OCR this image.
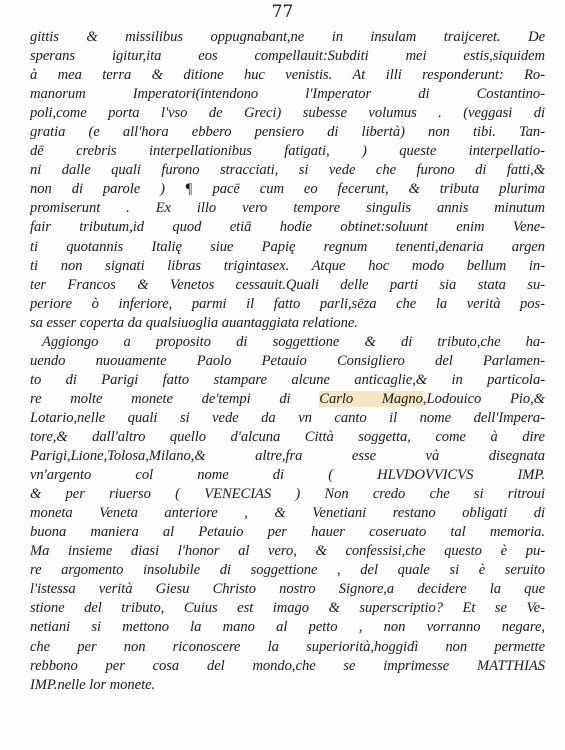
77
gittis & missilibus oppugnabant,ne in insulam traijceret. De
sperans igitur,ita eos compellauit:Subditi mei estis,siquidem
à mea terra & ditione huc venistis. At illi responderunt: Ro-
manorum Imperatori(intendono l'Imperator di Costantino-
poli,come porta l'vso de Greci) subesse volumus . (veggasi di
gratia (e all'hora ebbero pensiero di libertà) non tibi. Tan-
dē crebris interpellationibus fatigati, ) queste interpellatio-
ni dalle quali furono stracciati, si vede che furono di fatti,&
non di parole ) ¶ pacē cum eo fecerunt, & tributa plurima
promiserunt . Ex illo vero tempore singulis annis minutum
fair tributum,id quod etiā hodie obtinet:soluunt enim Vene-
ti quotannis Italię siue Papię regnum tenenti,denaria argen
ti non signati libras trigintasex. Atque hoc modo bellum in-
ter Francos & Venetos cessauit.Quali delle parti sia stata su-
periore ò inferiore, parmi il fatto parli,sēza che la verità pos-
sa esser coperta da qualsiuoglia auantaggiata relatione.
Aggiongo a proposito di soggettione & di tributo,che ha-
uendo nuouamente Paolo Petauio Consigliero del Parlamen-
to di Parigi fatto stampare alcune anticaglie,& in particola-
re molte monete de'tempi di Carlo Magno,Lodouico Pio,&
Lotario,nelle quali si vede da vn canto il nome dell'Impera-
tore,& dall'altro quello d'alcuna Città soggetta, come à dire
Parigi,Lione,Tolosa,Milano,& altre,fra esse và disegnata
vn'argento col nome di ( HLVDOVVICVS IMP.
& per riuerso ( VENECIAS ) Non credo che si ritroui
moneta Veneta anteriore , & Venetiani restano obligati di
buona maniera al Petauio per hauer coseruato tal memoria.
Ma insieme diasi l'honor al vero, & confessisi,che questo è pu-
re argomento insolubile di soggettione , del quale si è seruito
l'istessa verità Giesu Christo nostro Signore,a decidere la que
stione del tributo, Cuius est imago & superscriptio? Et se Ve-
netiani si mettono la mano al petto , non vorranno negare,
che per non riconoscere la superiorità,hoggidì non permette
rebbono per cosa del mondo,che se imprimesse MATTHIAS
IMP.nelle lor monete.
